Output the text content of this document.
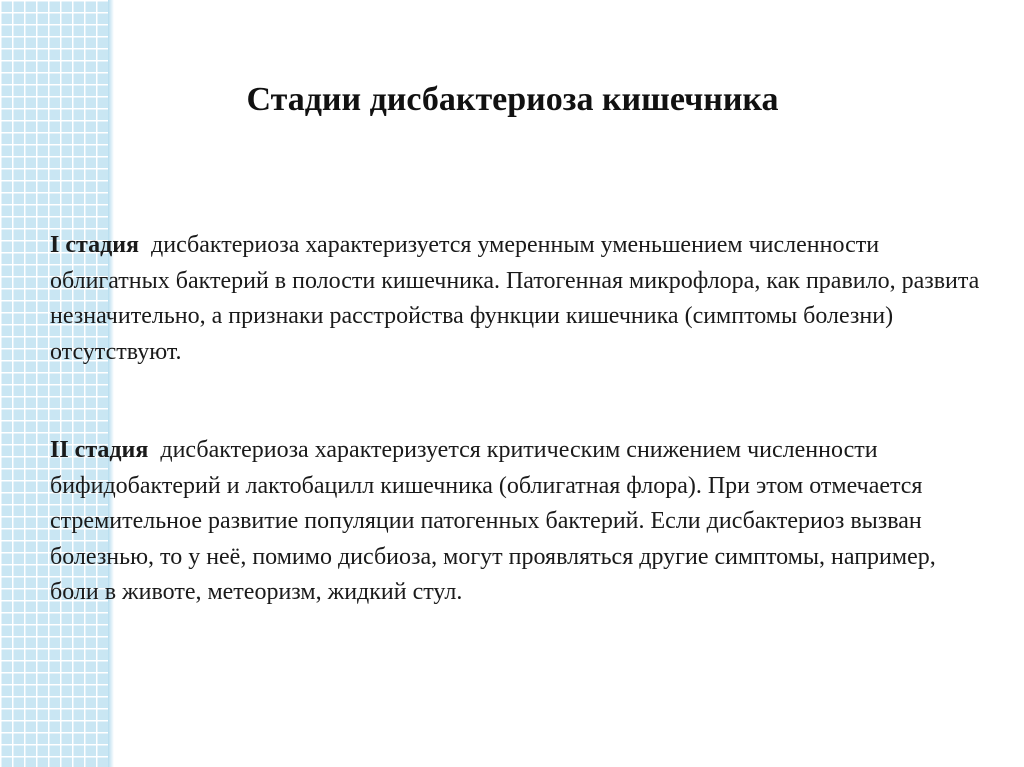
Стадии дисбактериоза кишечника

I стадия дисбактериоза характеризуется умеренным уменьшением численности облигатных бактерий в полости кишечника. Патогенная микрофлора, как правило, развита незначительно, а признаки расстройства функции кишечника (симптомы болезни) отсутствуют.

II стадия дисбактериоза характеризуется критическим снижением численности бифидобактерий и лактобацилл кишечника (облигатная флора). При этом отмечается стремительное развитие популяции патогенных бактерий. Если дисбактериоз вызван болезнью, то у неё, помимо дисбиоза, могут проявляться другие симптомы, например, боли в животе, метеоризм, жидкий стул.
